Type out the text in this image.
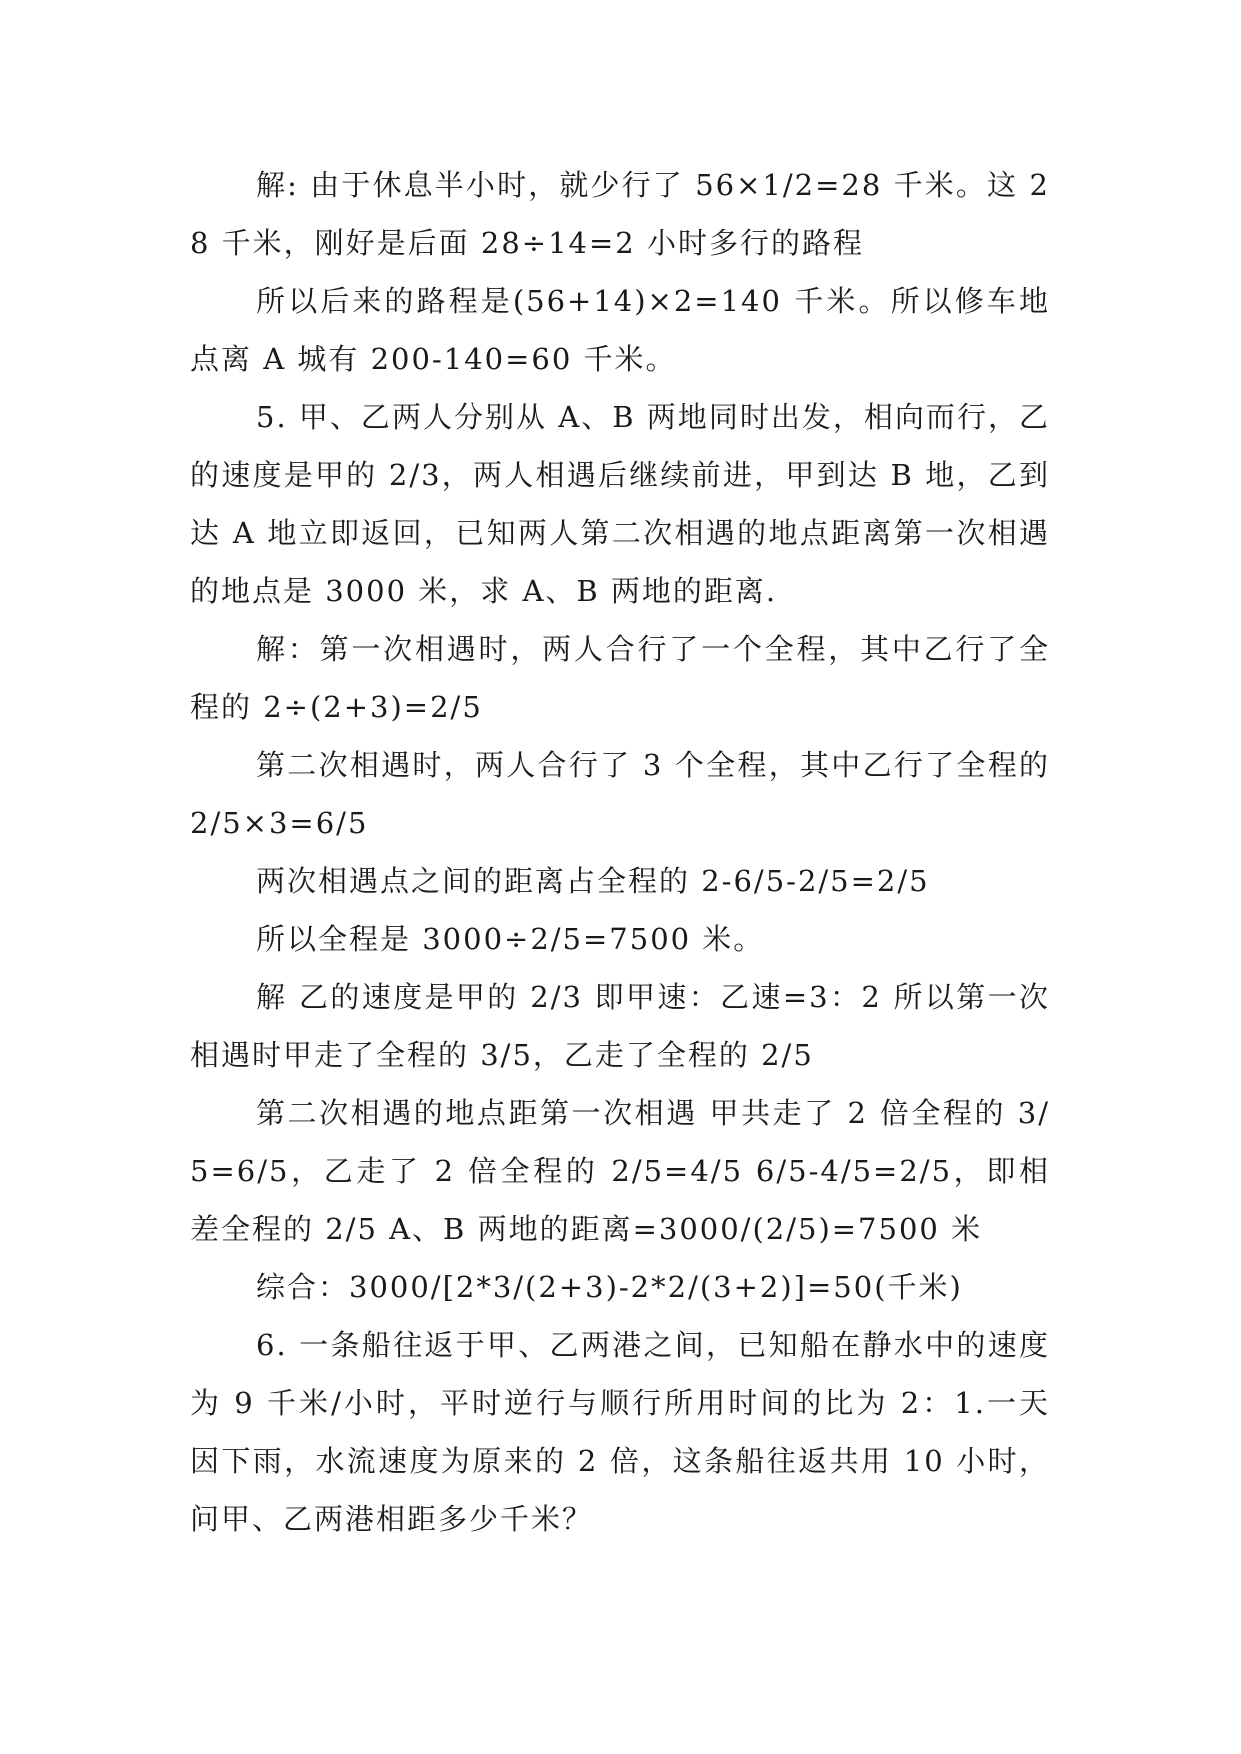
解: 由于休息半小时，就少行了 56×1/2=28 千米。这 28 千米，刚好是后面 28÷14=2 小时多行的路程

所以后来的路程是(56+14)×2=140 千米。所以修车地点离 A 城有 200-140=60 千米。

5. 甲、乙两人分别从 A、B 两地同时出发，相向而行，乙的速度是甲的 2/3，两人相遇后继续前进，甲到达 B 地，乙到达 A 地立即返回，已知两人第二次相遇的地点距离第一次相遇的地点是 3000 米，求 A、B 两地的距离.

解：第一次相遇时，两人合行了一个全程，其中乙行了全程的 2÷(2+3)=2/5

第二次相遇时，两人合行了 3 个全程，其中乙行了全程的 2/5×3=6/5

两次相遇点之间的距离占全程的 2-6/5-2/5=2/5

所以全程是 3000÷2/5=7500 米。

解 乙的速度是甲的 2/3 即甲速：乙速=3：2 所以第一次相遇时甲走了全程的 3/5，乙走了全程的 2/5

第二次相遇的地点距第一次相遇 甲共走了 2 倍全程的 3/5=6/5，乙走了 2 倍全程的 2/5=4/5 6/5-4/5=2/5，即相差全程的 2/5 A、B 两地的距离=3000/(2/5)=7500 米

综合：3000/[2*3/(2+3)-2*2/(3+2)]=50(千米)

6. 一条船往返于甲、乙两港之间，已知船在静水中的速度为 9 千米/小时，平时逆行与顺行所用时间的比为 2：1.一天因下雨，水流速度为原来的 2 倍，这条船往返共用 10 小时，问甲、乙两港相距多少千米？
